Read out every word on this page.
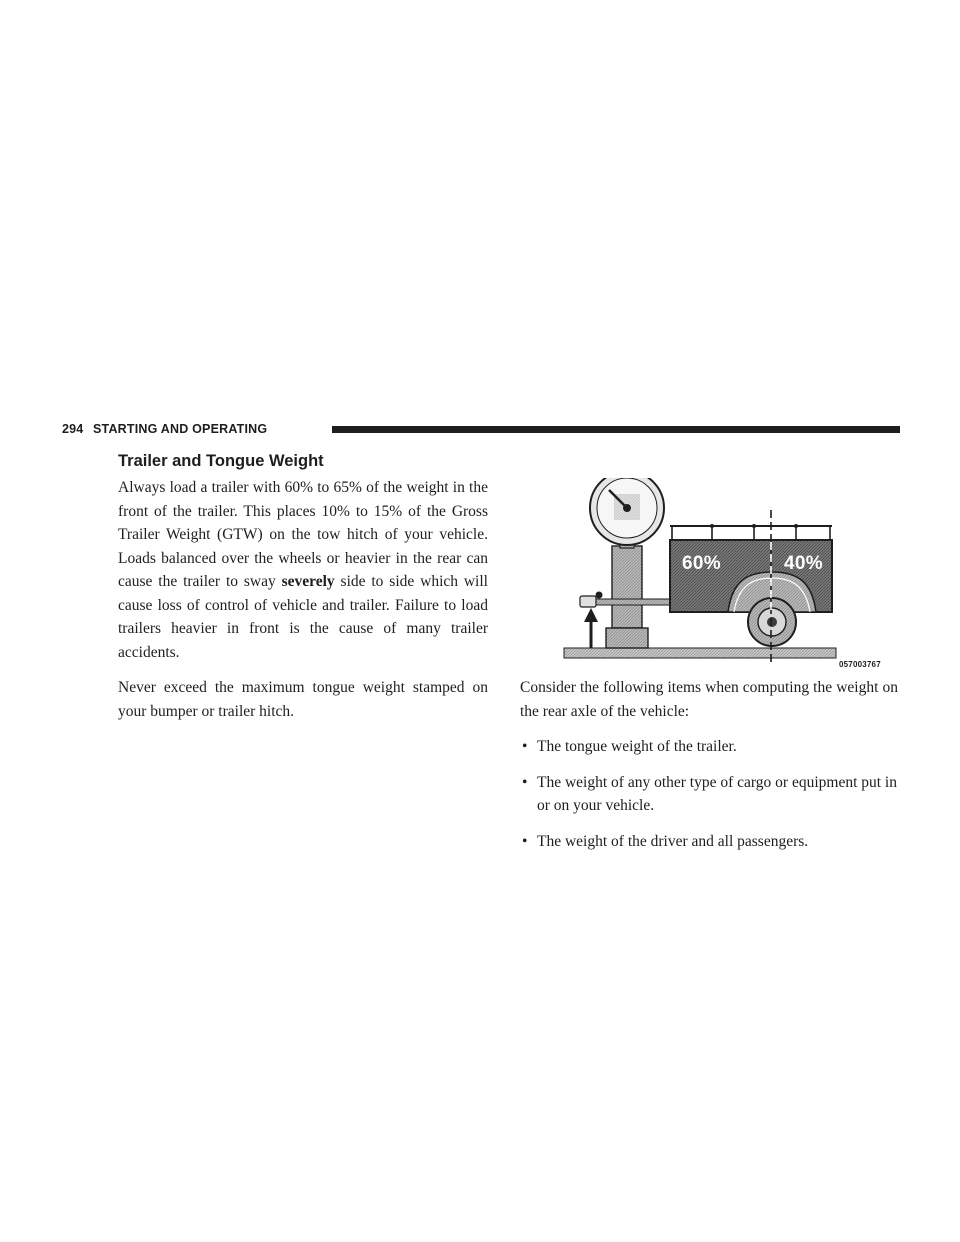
294 STARTING AND OPERATING
Trailer and Tongue Weight

Always load a trailer with 60% to 65% of the weight in the front of the trailer. This places 10% to 15% of the Gross Trailer Weight (GTW) on the tow hitch of your vehicle. Loads balanced over the wheels or heavier in the rear can cause the trailer to sway severely side to side which will cause loss of control of vehicle and trailer. Failure to load trailers heavier in front is the cause of many trailer accidents.

Never exceed the maximum tongue weight stamped on your bumper or trailer hitch.

60%	40%
057003767

Consider the following items when computing the weight on the rear axle of the vehicle:

• The tongue weight of the trailer.
• The weight of any other type of cargo or equipment put in or on your vehicle.
• The weight of the driver and all passengers.
